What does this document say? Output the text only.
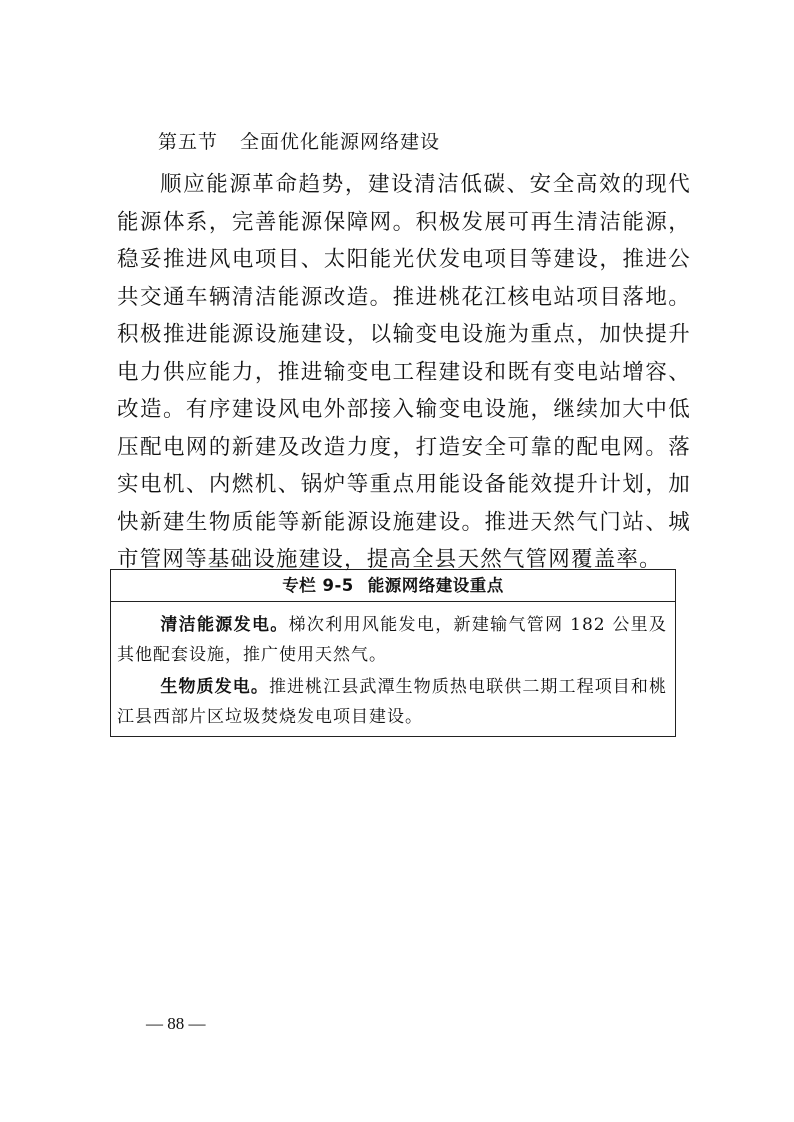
第五节 全面优化能源网络建设

顺应能源革命趋势，建设清洁低碳、安全高效的现代能源体系，完善能源保障网。积极发展可再生清洁能源，稳妥推进风电项目、太阳能光伏发电项目等建设，推进公共交通车辆清洁能源改造。推进桃花江核电站项目落地。积极推进能源设施建设，以输变电设施为重点，加快提升电力供应能力，推进输变电工程建设和既有变电站增容、改造。有序建设风电外部接入输变电设施，继续加大中低压配电网的新建及改造力度，打造安全可靠的配电网。落实电机、内燃机、锅炉等重点用能设备能效提升计划，加快新建生物质能等新能源设施建设。推进天然气门站、城市管网等基础设施建设，提高全县天然气管网覆盖率。

专栏 9-5 能源网络建设重点

清洁能源发电。梯次利用风能发电，新建输气管网 182 公里及其他配套设施，推广使用天然气。

生物质发电。推进桃江县武潭生物质热电联供二期工程项目和桃江县西部片区垃圾焚烧发电项目建设。

— 88 —
